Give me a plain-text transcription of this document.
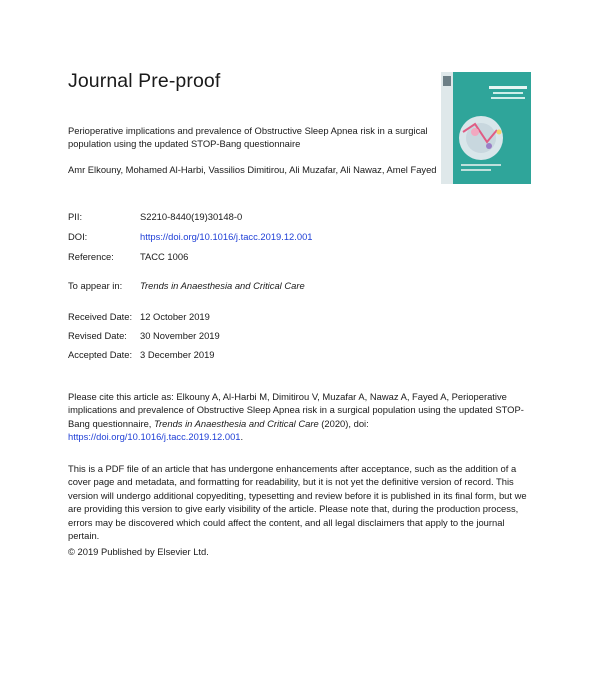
Journal Pre-proof
Perioperative implications and prevalence of Obstructive Sleep Apnea risk in a surgical population using the updated STOP-Bang questionnaire
Amr Elkouny, Mohamed Al-Harbi, Vassilios Dimitirou, Ali Muzafar, Ali Nawaz, Amel Fayed
PII:	S2210-8440(19)30148-0
DOI:	https://doi.org/10.1016/j.tacc.2019.12.001
Reference:	TACC 1006
To appear in: Trends in Anaesthesia and Critical Care
Received Date: 12 October 2019
Revised Date: 30 November 2019
Accepted Date: 3 December 2019
Please cite this article as: Elkouny A, Al-Harbi M, Dimitirou V, Muzafar A, Nawaz A, Fayed A, Perioperative implications and prevalence of Obstructive Sleep Apnea risk in a surgical population using the updated STOP-Bang questionnaire, Trends in Anaesthesia and Critical Care (2020), doi: https://doi.org/10.1016/j.tacc.2019.12.001.
This is a PDF file of an article that has undergone enhancements after acceptance, such as the addition of a cover page and metadata, and formatting for readability, but it is not yet the definitive version of record. This version will undergo additional copyediting, typesetting and review before it is published in its final form, but we are providing this version to give early visibility of the article. Please note that, during the production process, errors may be discovered which could affect the content, and all legal disclaimers that apply to the journal pertain.
© 2019 Published by Elsevier Ltd.
